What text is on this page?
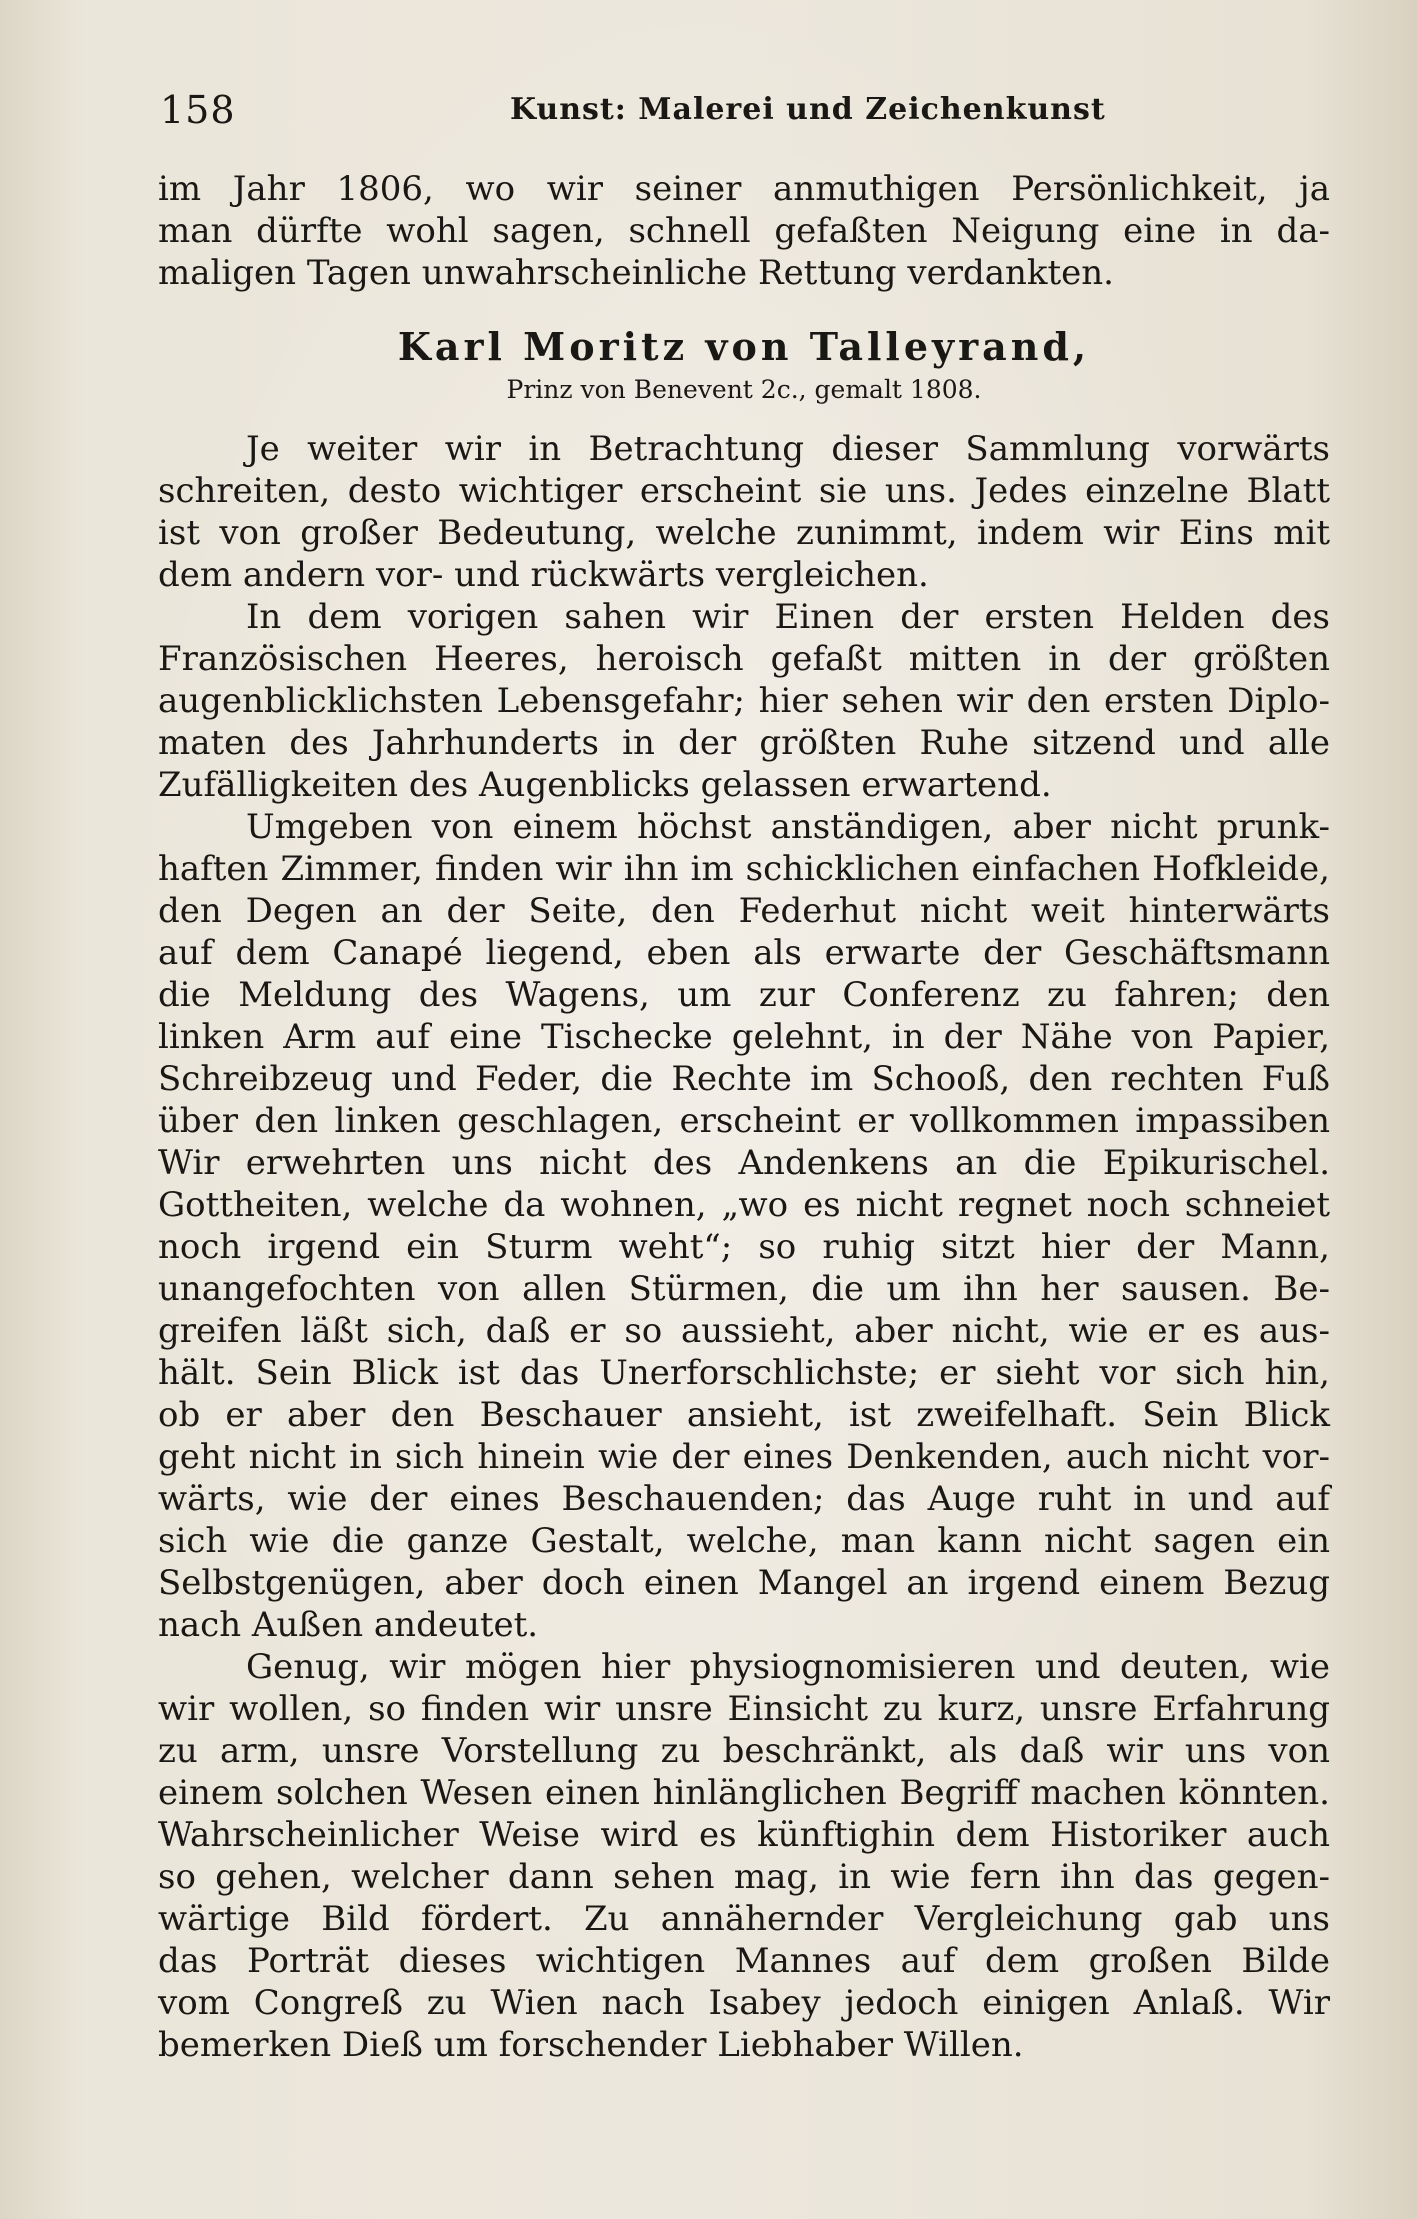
158	Kunst: Malerei und Zeichenkunst
im Jahr 1806, wo wir seiner anmuthigen Persönlichkeit, ja
man dürfte wohl sagen, schnell gefaßten Neigung eine in da-
maligen Tagen unwahrscheinliche Rettung verdankten.
Karl Moritz von Talleyrand,
Prinz von Benevent 2c., gemalt 1808.
Je weiter wir in Betrachtung dieser Sammlung vorwärts
schreiten, desto wichtiger erscheint sie uns. Jedes einzelne Blatt
ist von großer Bedeutung, welche zunimmt, indem wir Eins mit
dem andern vor- und rückwärts vergleichen.
In dem vorigen sahen wir Einen der ersten Helden des
Französischen Heeres, heroisch gefaßt mitten in der größten
augenblicklichsten Lebensgefahr; hier sehen wir den ersten Diplo-
maten des Jahrhunderts in der größten Ruhe sitzend und alle
Zufälligkeiten des Augenblicks gelassen erwartend.
Umgeben von einem höchst anständigen, aber nicht prunk-
haften Zimmer, finden wir ihn im schicklichen einfachen Hofkleide,
den Degen an der Seite, den Federhut nicht weit hinterwärts
auf dem Canapé liegend, eben als erwarte der Geschäftsmann
die Meldung des Wagens, um zur Conferenz zu fahren; den
linken Arm auf eine Tischecke gelehnt, in der Nähe von Papier,
Schreibzeug und Feder, die Rechte im Schooß, den rechten Fuß
über den linken geschlagen, erscheint er vollkommen impassiben
Wir erwehrten uns nicht des Andenkens an die Epikurischel.
Gottheiten, welche da wohnen, „wo es nicht regnet noch schneiet
noch irgend ein Sturm weht“; so ruhig sitzt hier der Mann,
unangefochten von allen Stürmen, die um ihn her sausen. Be-
greifen läßt sich, daß er so aussieht, aber nicht, wie er es aus-
hält. Sein Blick ist das Unerforschlichste; er sieht vor sich hin,
ob er aber den Beschauer ansieht, ist zweifelhaft. Sein Blick
geht nicht in sich hinein wie der eines Denkenden, auch nicht vor-
wärts, wie der eines Beschauenden; das Auge ruht in und auf
sich wie die ganze Gestalt, welche, man kann nicht sagen ein
Selbstgenügen, aber doch einen Mangel an irgend einem Bezug
nach Außen andeutet.
Genug, wir mögen hier physiognomisieren und deuten, wie
wir wollen, so finden wir unsre Einsicht zu kurz, unsre Erfahrung
zu arm, unsre Vorstellung zu beschränkt, als daß wir uns von
einem solchen Wesen einen hinlänglichen Begriff machen könnten.
Wahrscheinlicher Weise wird es künftighin dem Historiker auch
so gehen, welcher dann sehen mag, in wie fern ihn das gegen-
wärtige Bild fördert. Zu annähernder Vergleichung gab uns
das Porträt dieses wichtigen Mannes auf dem großen Bilde
vom Congreß zu Wien nach Isabey jedoch einigen Anlaß. Wir
bemerken Dieß um forschender Liebhaber Willen.
